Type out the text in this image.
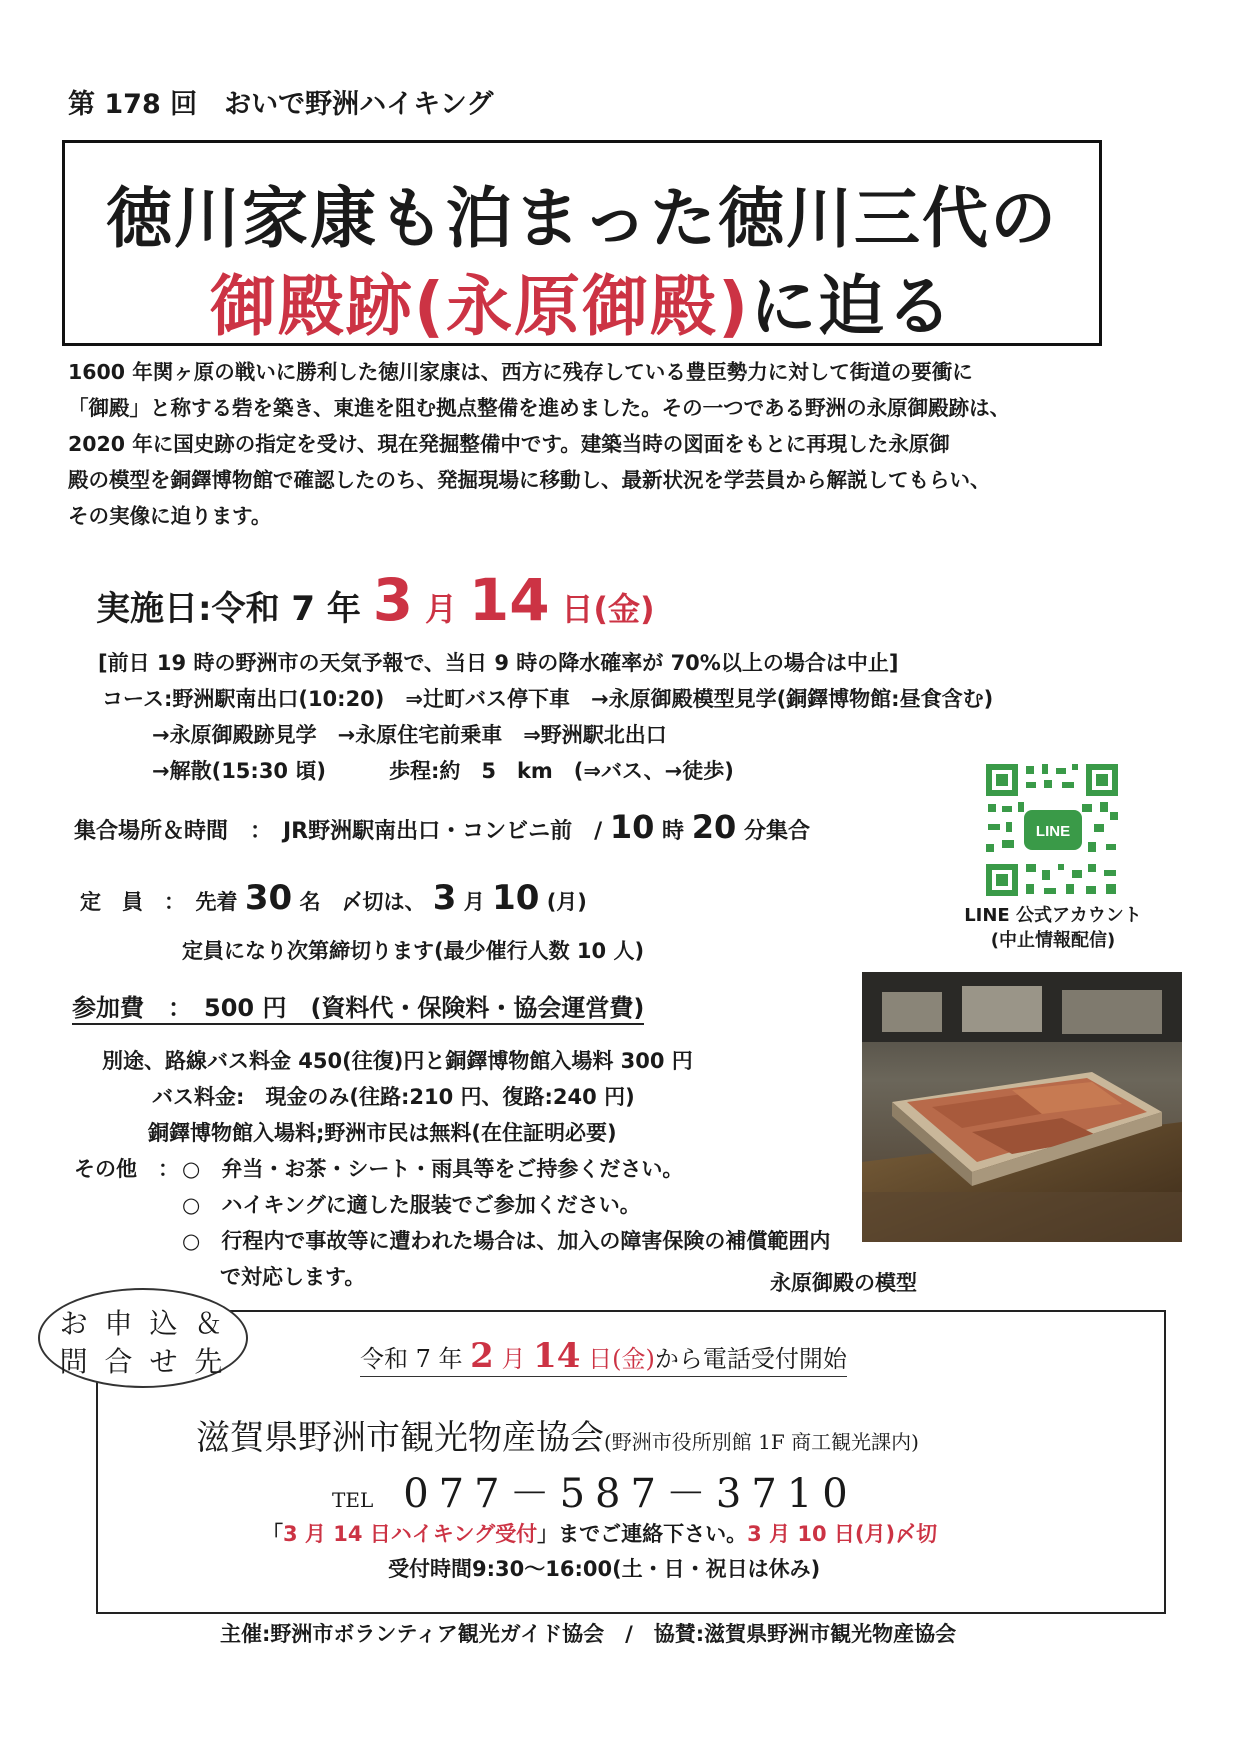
第 178 回　おいで野洲ハイキング
徳川家康も泊まった徳川三代の
御殿跡(永原御殿)に迫る
1600 年関ヶ原の戦いに勝利した徳川家康は、西方に残存している豊臣勢力に対して街道の要衝に
「御殿」と称する砦を築き、東進を阻む拠点整備を進めました。その一つである野洲の永原御殿跡は、
2020 年に国史跡の指定を受け、現在発掘整備中です。建築当時の図面をもとに再現した永原御
殿の模型を銅鐸博物館で確認したのち、発掘現場に移動し、最新状況を学芸員から解説してもらい、
その実像に迫ります。
実施日:令和 7 年 3 月 14 日(金)
[前日 19 時の野洲市の天気予報で、当日 9 時の降水確率が 70%以上の場合は中止]
コース:野洲駅南出口(10:20)　⇒辻町バス停下車　→永原御殿模型見学(銅鐸博物館:昼食含む)
→永原御殿跡見学　→永原住宅前乗車　⇒野洲駅北出口
→解散(15:30 頃)　　　歩程:約　5　km　(⇒バス、→徒歩)
集合場所＆時間　：　JR野洲駅南出口・コンビニ前　/ 10 時 20 分集合
定　員　：　先着 30 名　〆切は、 3 月 10 (月)
定員になり次第締切ります(最少催行人数 10 人)
参加費　：　500 円　(資料代・保険料・協会運営費)
別途、路線バス料金 450(往復)円と銅鐸博物館入場料 300 円
バス料金:　現金のみ(往路:210 円、復路:240 円)
銅鐸博物館入場料;野洲市民は無料(在住証明必要)
その他　： ○　弁当・お茶・シート・雨具等をご持参ください。
○　ハイキングに適した服装でご参加ください。
○　行程内で事故等に遭われた場合は、加入の障害保険の補償範囲内
で対応します。
LINE
LINE 公式アカウント
(中止情報配信)
永原御殿の模型
お 申 込 ＆
問 合 せ 先	令和 7 年 2 月 14 日(金)から電話受付開始
滋賀県野洲市観光物産協会(野洲市役所別館 1F 商工観光課内)
TEL 077－587－3710
「3 月 14 日ハイキング受付」までご連絡下さい。3 月 10 日(月)〆切
受付時間9:30～16:00(土・日・祝日は休み)
主催:野洲市ボランティア観光ガイド協会　/　協賛:滋賀県野洲市観光物産協会
